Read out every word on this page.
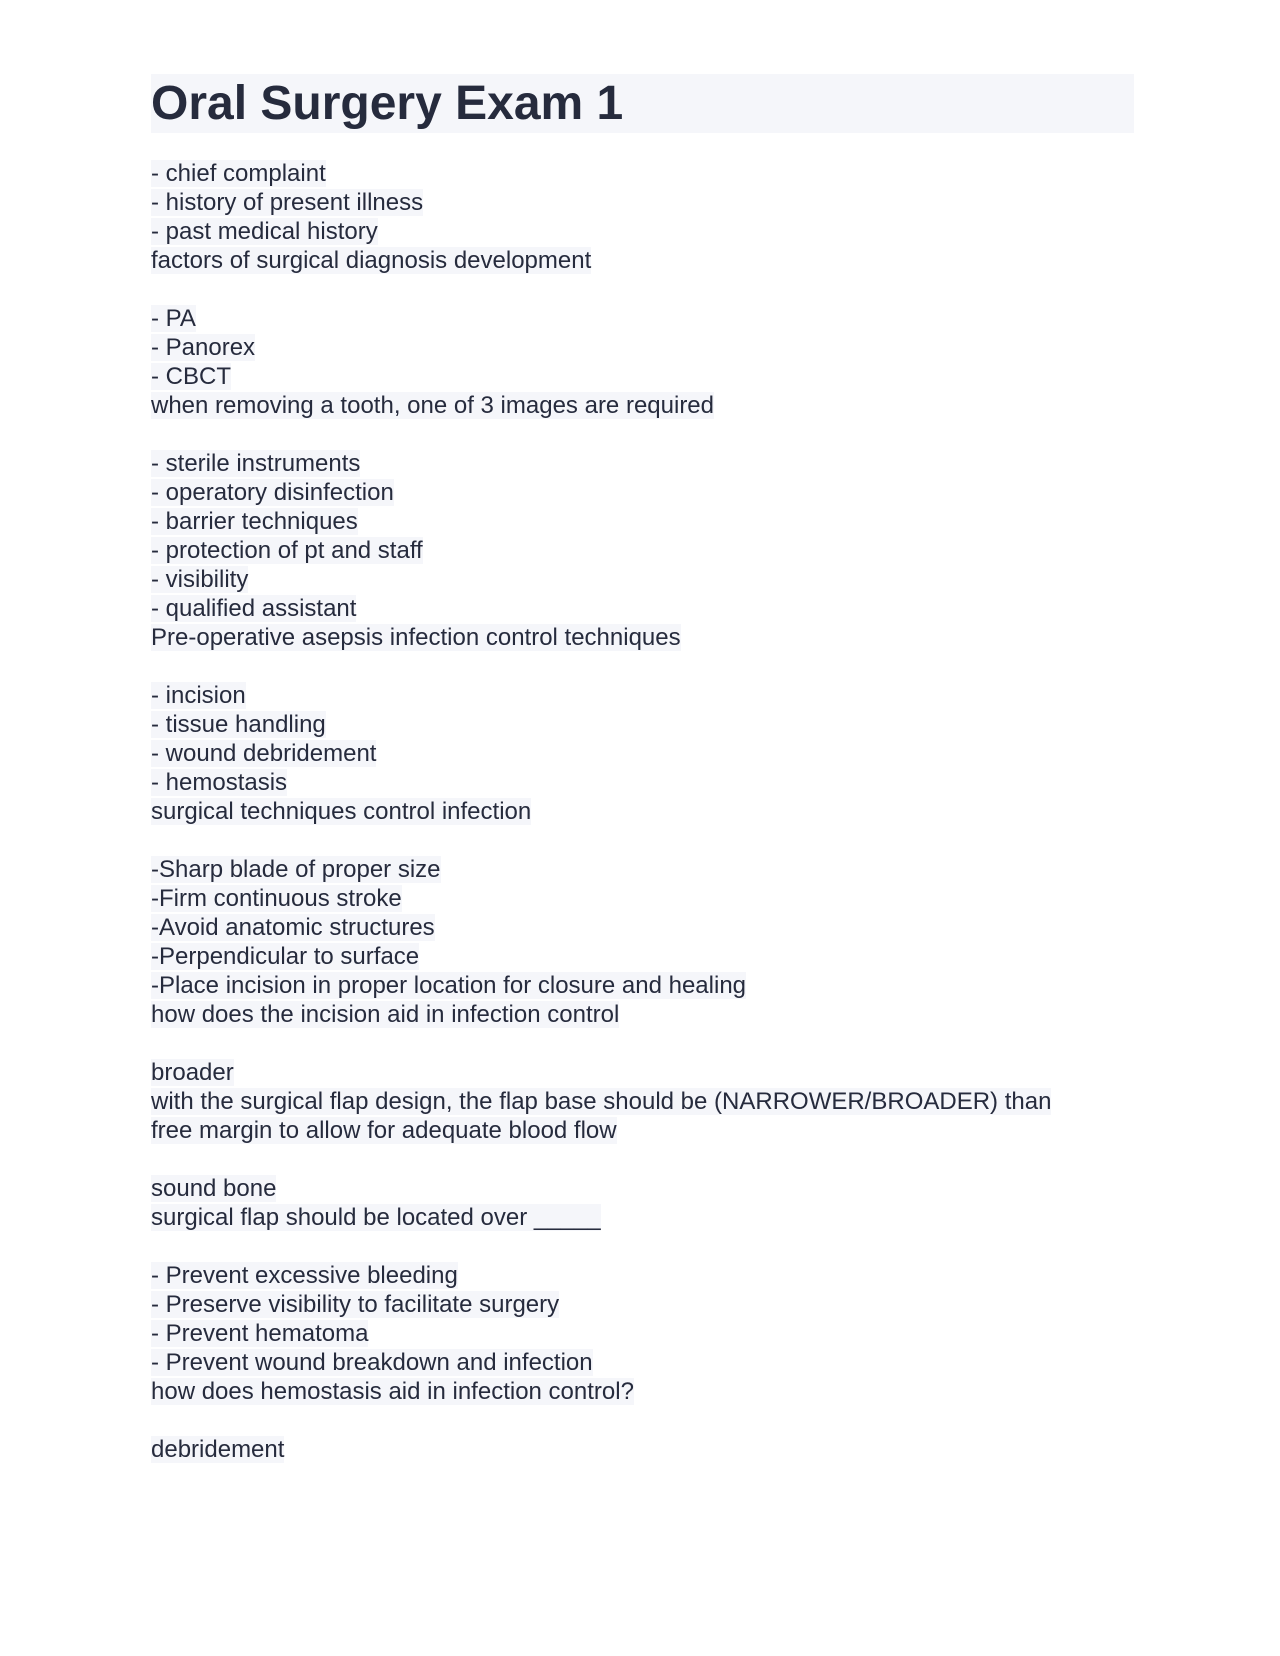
Oral Surgery Exam 1
- chief complaint
- history of present illness
- past medical history
factors of surgical diagnosis development
- PA
- Panorex
- CBCT
when removing a tooth, one of 3 images are required
- sterile instruments
- operatory disinfection
- barrier techniques
- protection of pt and staff
- visibility
- qualified assistant
Pre-operative asepsis infection control techniques
- incision
- tissue handling
- wound debridement
- hemostasis
surgical techniques control infection
-Sharp blade of proper size
-Firm continuous stroke
-Avoid anatomic structures
-Perpendicular to surface
-Place incision in proper location for closure and healing
how does the incision aid in infection control
broader
with the surgical flap design, the flap base should be (NARROWER/BROADER) than
free margin to allow for adequate blood flow
sound bone
surgical flap should be located over _____
- Prevent excessive bleeding
- Preserve visibility to facilitate surgery
- Prevent hematoma
- Prevent wound breakdown and infection
how does hemostasis aid in infection control?
debridement
